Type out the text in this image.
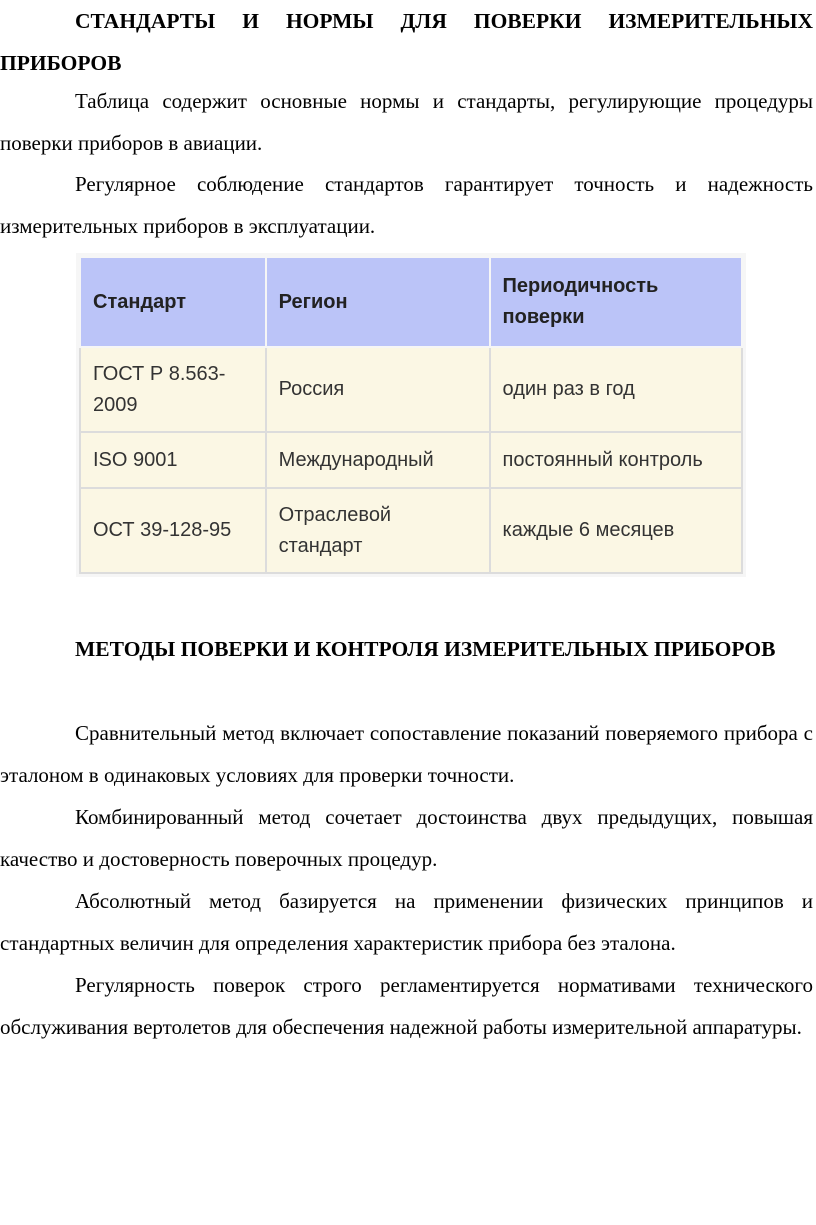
СТАНДАРТЫ И НОРМЫ ДЛЯ ПОВЕРКИ ИЗМЕРИТЕЛЬНЫХ ПРИБОРОВ

Таблица содержит основные нормы и стандарты, регулирующие процедуры поверки приборов в авиации.

Регулярное соблюдение стандартов гарантирует точность и надежность измерительных приборов в эксплуатации.

Стандарт	Регион	Периодичность поверки
ГОСТ Р 8.563-2009	Россия	один раз в год
ISO 9001	Международный	постоянный контроль
ОСТ 39-128-95	Отраслевой стандарт	каждые 6 месяцев
МЕТОДЫ ПОВЕРКИ И КОНТРОЛЯ ИЗМЕРИТЕЛЬНЫХ ПРИБОРОВ

Сравнительный метод включает сопоставление показаний поверяемого прибора с эталоном в одинаковых условиях для проверки точности.

Комбинированный метод сочетает достоинства двух предыдущих, повышая качество и достоверность поверочных процедур.

Абсолютный метод базируется на применении физических принципов и стандартных величин для определения характеристик прибора без эталона.

Регулярность поверок строго регламентируется нормативами технического обслуживания вертолетов для обеспечения надежной работы измерительной аппаратуры.
